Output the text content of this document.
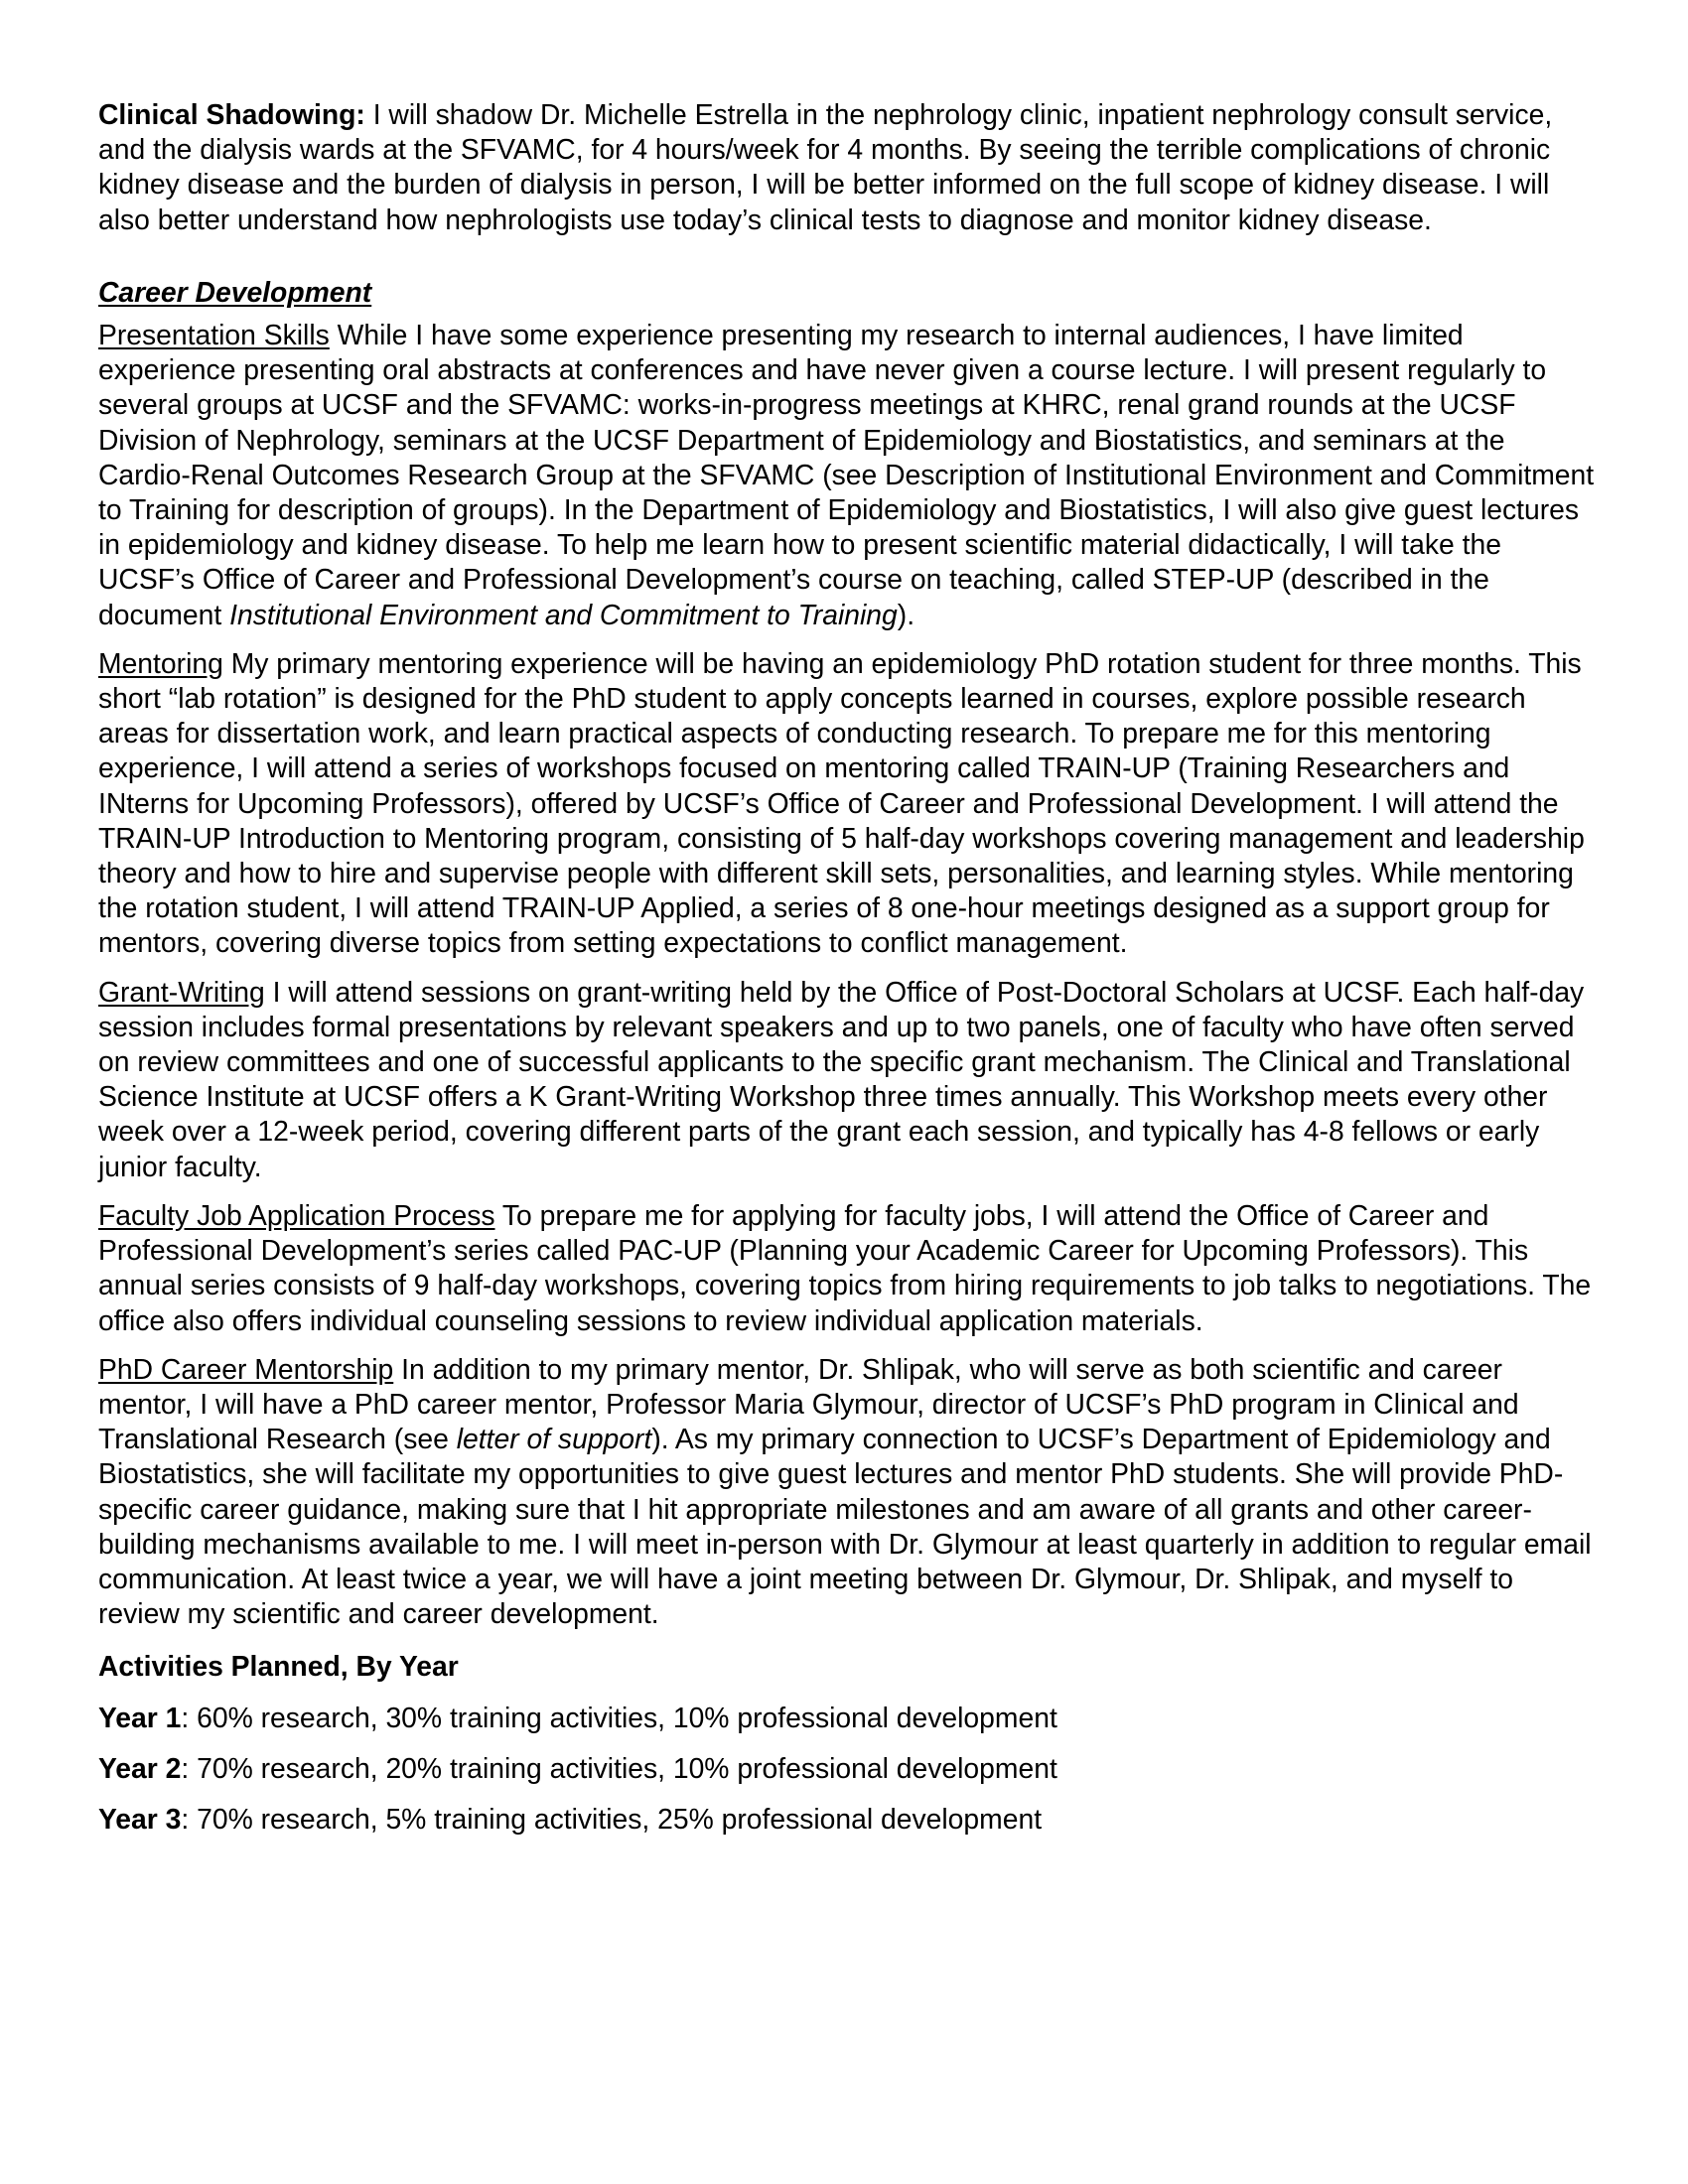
Clinical Shadowing: I will shadow Dr. Michelle Estrella in the nephrology clinic, inpatient nephrology consult service, and the dialysis wards at the SFVAMC, for 4 hours/week for 4 months. By seeing the terrible complications of chronic kidney disease and the burden of dialysis in person, I will be better informed on the full scope of kidney disease. I will also better understand how nephrologists use today’s clinical tests to diagnose and monitor kidney disease.

Career Development

Presentation Skills While I have some experience presenting my research to internal audiences, I have limited experience presenting oral abstracts at conferences and have never given a course lecture. I will present regularly to several groups at UCSF and the SFVAMC: works-in-progress meetings at KHRC, renal grand rounds at the UCSF Division of Nephrology, seminars at the UCSF Department of Epidemiology and Biostatistics, and seminars at the Cardio-Renal Outcomes Research Group at the SFVAMC (see Description of Institutional Environment and Commitment to Training for description of groups). In the Department of Epidemiology and Biostatistics, I will also give guest lectures in epidemiology and kidney disease. To help me learn how to present scientific material didactically, I will take the UCSF’s Office of Career and Professional Development’s course on teaching, called STEP-UP (described in the document Institutional Environment and Commitment to Training).

Mentoring My primary mentoring experience will be having an epidemiology PhD rotation student for three months. This short “lab rotation” is designed for the PhD student to apply concepts learned in courses, explore possible research areas for dissertation work, and learn practical aspects of conducting research. To prepare me for this mentoring experience, I will attend a series of workshops focused on mentoring called TRAIN-UP (Training Researchers and INterns for Upcoming Professors), offered by UCSF’s Office of Career and Professional Development. I will attend the TRAIN-UP Introduction to Mentoring program, consisting of 5 half-day workshops covering management and leadership theory and how to hire and supervise people with different skill sets, personalities, and learning styles. While mentoring the rotation student, I will attend TRAIN-UP Applied, a series of 8 one-hour meetings designed as a support group for mentors, covering diverse topics from setting expectations to conflict management.

Grant-Writing I will attend sessions on grant-writing held by the Office of Post-Doctoral Scholars at UCSF. Each half-day session includes formal presentations by relevant speakers and up to two panels, one of faculty who have often served on review committees and one of successful applicants to the specific grant mechanism. The Clinical and Translational Science Institute at UCSF offers a K Grant-Writing Workshop three times annually. This Workshop meets every other week over a 12-week period, covering different parts of the grant each session, and typically has 4-8 fellows or early junior faculty.

Faculty Job Application Process To prepare me for applying for faculty jobs, I will attend the Office of Career and Professional Development’s series called PAC-UP (Planning your Academic Career for Upcoming Professors). This annual series consists of 9 half-day workshops, covering topics from hiring requirements to job talks to negotiations. The office also offers individual counseling sessions to review individual application materials.

PhD Career Mentorship In addition to my primary mentor, Dr. Shlipak, who will serve as both scientific and career mentor, I will have a PhD career mentor, Professor Maria Glymour, director of UCSF’s PhD program in Clinical and Translational Research (see letter of support). As my primary connection to UCSF’s Department of Epidemiology and Biostatistics, she will facilitate my opportunities to give guest lectures and mentor PhD students. She will provide PhD-specific career guidance, making sure that I hit appropriate milestones and am aware of all grants and other career-building mechanisms available to me. I will meet in-person with Dr. Glymour at least quarterly in addition to regular email communication. At least twice a year, we will have a joint meeting between Dr. Glymour, Dr. Shlipak, and myself to review my scientific and career development.

Activities Planned, By Year

Year 1: 60% research, 30% training activities, 10% professional development

Year 2: 70% research, 20% training activities, 10% professional development

Year 3: 70% research, 5% training activities, 25% professional development
